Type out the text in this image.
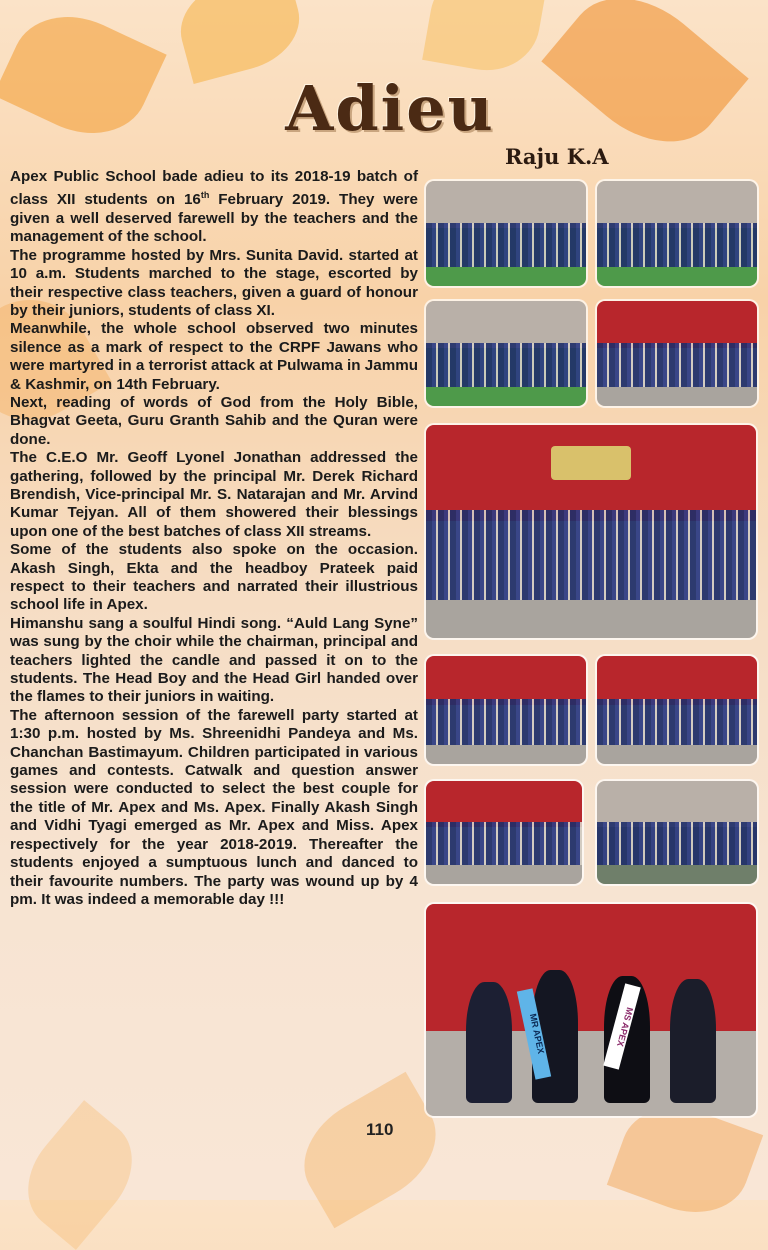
Adieu
Raju K.A

Apex Public School bade adieu to its 2018-19 batch of class XII students on 16th February 2019. They were given a well deserved farewell by the teachers and the management of the school.

The programme hosted by Mrs. Sunita David. started at 10 a.m. Students marched to the stage, escorted by their respective class teachers, given a guard of honour by their juniors, students of class XI.

Meanwhile, the whole school observed two minutes silence as a mark of respect to the CRPF Jawans who were martyred in a terrorist attack at Pulwama in Jammu & Kashmir, on 14th February.

Next, reading of words of God from the Holy Bible, Bhagvat Geeta, Guru Granth Sahib and the Quran were done.

The C.E.O Mr. Geoff Lyonel Jonathan addressed the gathering, followed by the principal Mr. Derek Richard Brendish, Vice-principal Mr. S. Natarajan and Mr. Arvind Kumar Tejyan. All of them showered their blessings upon one of the best batches of class XII streams.

Some of the students also spoke on the occasion. Akash Singh, Ekta and the headboy Prateek paid respect to their teachers and narrated their illustrious school life in Apex.

Himanshu sang a soulful Hindi song. “Auld Lang Syne” was sung by the choir while the chairman, principal and teachers lighted the candle and passed it on to the students. The Head Boy and the Head Girl handed over the flames to their juniors in waiting.

The afternoon session of the farewell party started at 1:30 p.m. hosted by Ms. Shreenidhi Pandeya and Ms. Chanchan Bastimayum. Children participated in various games and contests. Catwalk and question answer session were conducted to select the best couple for the title of Mr. Apex and Ms. Apex. Finally Akash Singh and Vidhi Tyagi emerged as Mr. Apex and Miss. Apex respectively for the year 2018-2019. Thereafter the students enjoyed a sumptuous lunch and danced to their favourite numbers. The party was wound up by 4 pm. It was indeed a memorable day !!!

MR APEX	MS APEX
110
